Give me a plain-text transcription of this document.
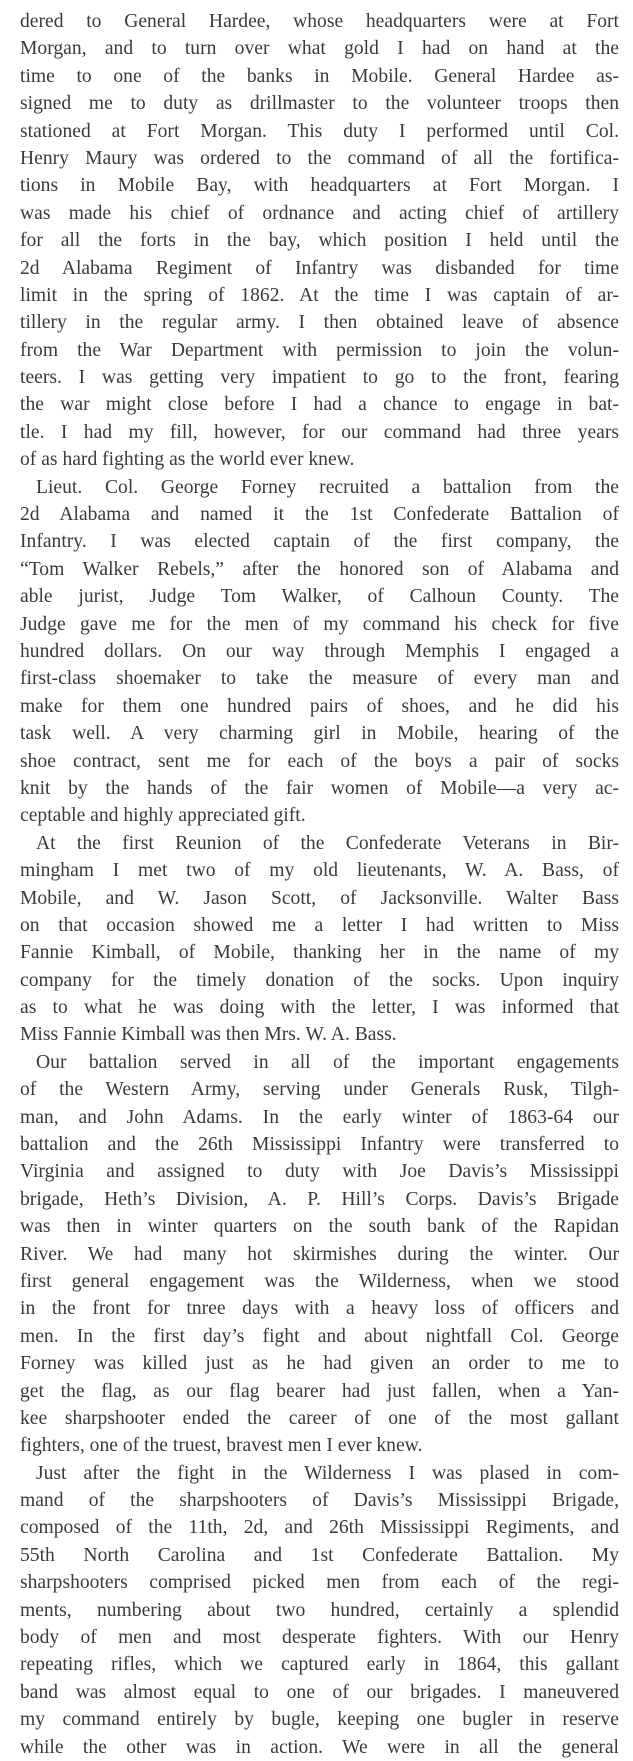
dered to General Hardee, whose headquarters were at Fort
Morgan, and to turn over what gold I had on hand at the
time to one of the banks in Mobile. General Hardee as-
signed me to duty as drillmaster to the volunteer troops then
stationed at Fort Morgan. This duty I performed until Col.
Henry Maury was ordered to the command of all the fortifica-
tions in Mobile Bay, with headquarters at Fort Morgan. I
was made his chief of ordnance and acting chief of artillery
for all the forts in the bay, which position I held until the
2d Alabama Regiment of Infantry was disbanded for time
limit in the spring of 1862. At the time I was captain of ar-
tillery in the regular army. I then obtained leave of absence
from the War Department with permission to join the volun-
teers. I was getting very impatient to go to the front, fearing
the war might close before I had a chance to engage in bat-
tle. I had my fill, however, for our command had three years
of as hard fighting as the world ever knew.
Lieut. Col. George Forney recruited a battalion from the
2d Alabama and named it the 1st Confederate Battalion of
Infantry. I was elected captain of the first company, the
“Tom Walker Rebels,” after the honored son of Alabama and
able jurist, Judge Tom Walker, of Calhoun County. The
Judge gave me for the men of my command his check for five
hundred dollars. On our way through Memphis I engaged a
first-class shoemaker to take the measure of every man and
make for them one hundred pairs of shoes, and he did his
task well. A very charming girl in Mobile, hearing of the
shoe contract, sent me for each of the boys a pair of socks
knit by the hands of the fair women of Mobile—a very ac-
ceptable and highly appreciated gift.
At the first Reunion of the Confederate Veterans in Bir-
mingham I met two of my old lieutenants, W. A. Bass, of
Mobile, and W. Jason Scott, of Jacksonville. Walter Bass
on that occasion showed me a letter I had written to Miss
Fannie Kimball, of Mobile, thanking her in the name of my
company for the timely donation of the socks. Upon inquiry
as to what he was doing with the letter, I was informed that
Miss Fannie Kimball was then Mrs. W. A. Bass.
Our battalion served in all of the important engagements
of the Western Army, serving under Generals Rusk, Tilgh-
man, and John Adams. In the early winter of 1863-64 our
battalion and the 26th Mississippi Infantry were transferred to
Virginia and assigned to duty with Joe Davis’s Mississippi
brigade, Heth’s Division, A. P. Hill’s Corps. Davis’s Brigade
was then in winter quarters on the south bank of the Rapidan
River. We had many hot skirmishes during the winter. Our
first general engagement was the Wilderness, when we stood
in the front for tnree days with a heavy loss of officers and
men. In the first day’s fight and about nightfall Col. George
Forney was killed just as he had given an order to me to
get the flag, as our flag bearer had just fallen, when a Yan-
kee sharpshooter ended the career of one of the most gallant
fighters, one of the truest, bravest men I ever knew.
Just after the fight in the Wilderness I was plased in com-
mand of the sharpshooters of Davis’s Mississippi Brigade,
composed of the 11th, 2d, and 26th Mississippi Regiments, and
55th North Carolina and 1st Confederate Battalion. My
sharpshooters comprised picked men from each of the regi-
ments, numbering about two hundred, certainly a splendid
body of men and most desperate fighters. With our Henry
repeating rifles, which we captured early in 1864, this gallant
band was almost equal to one of our brigades. I maneuvered
my command entirely by bugle, keeping one bugler in reserve
while the other was in action. We were in all the general
